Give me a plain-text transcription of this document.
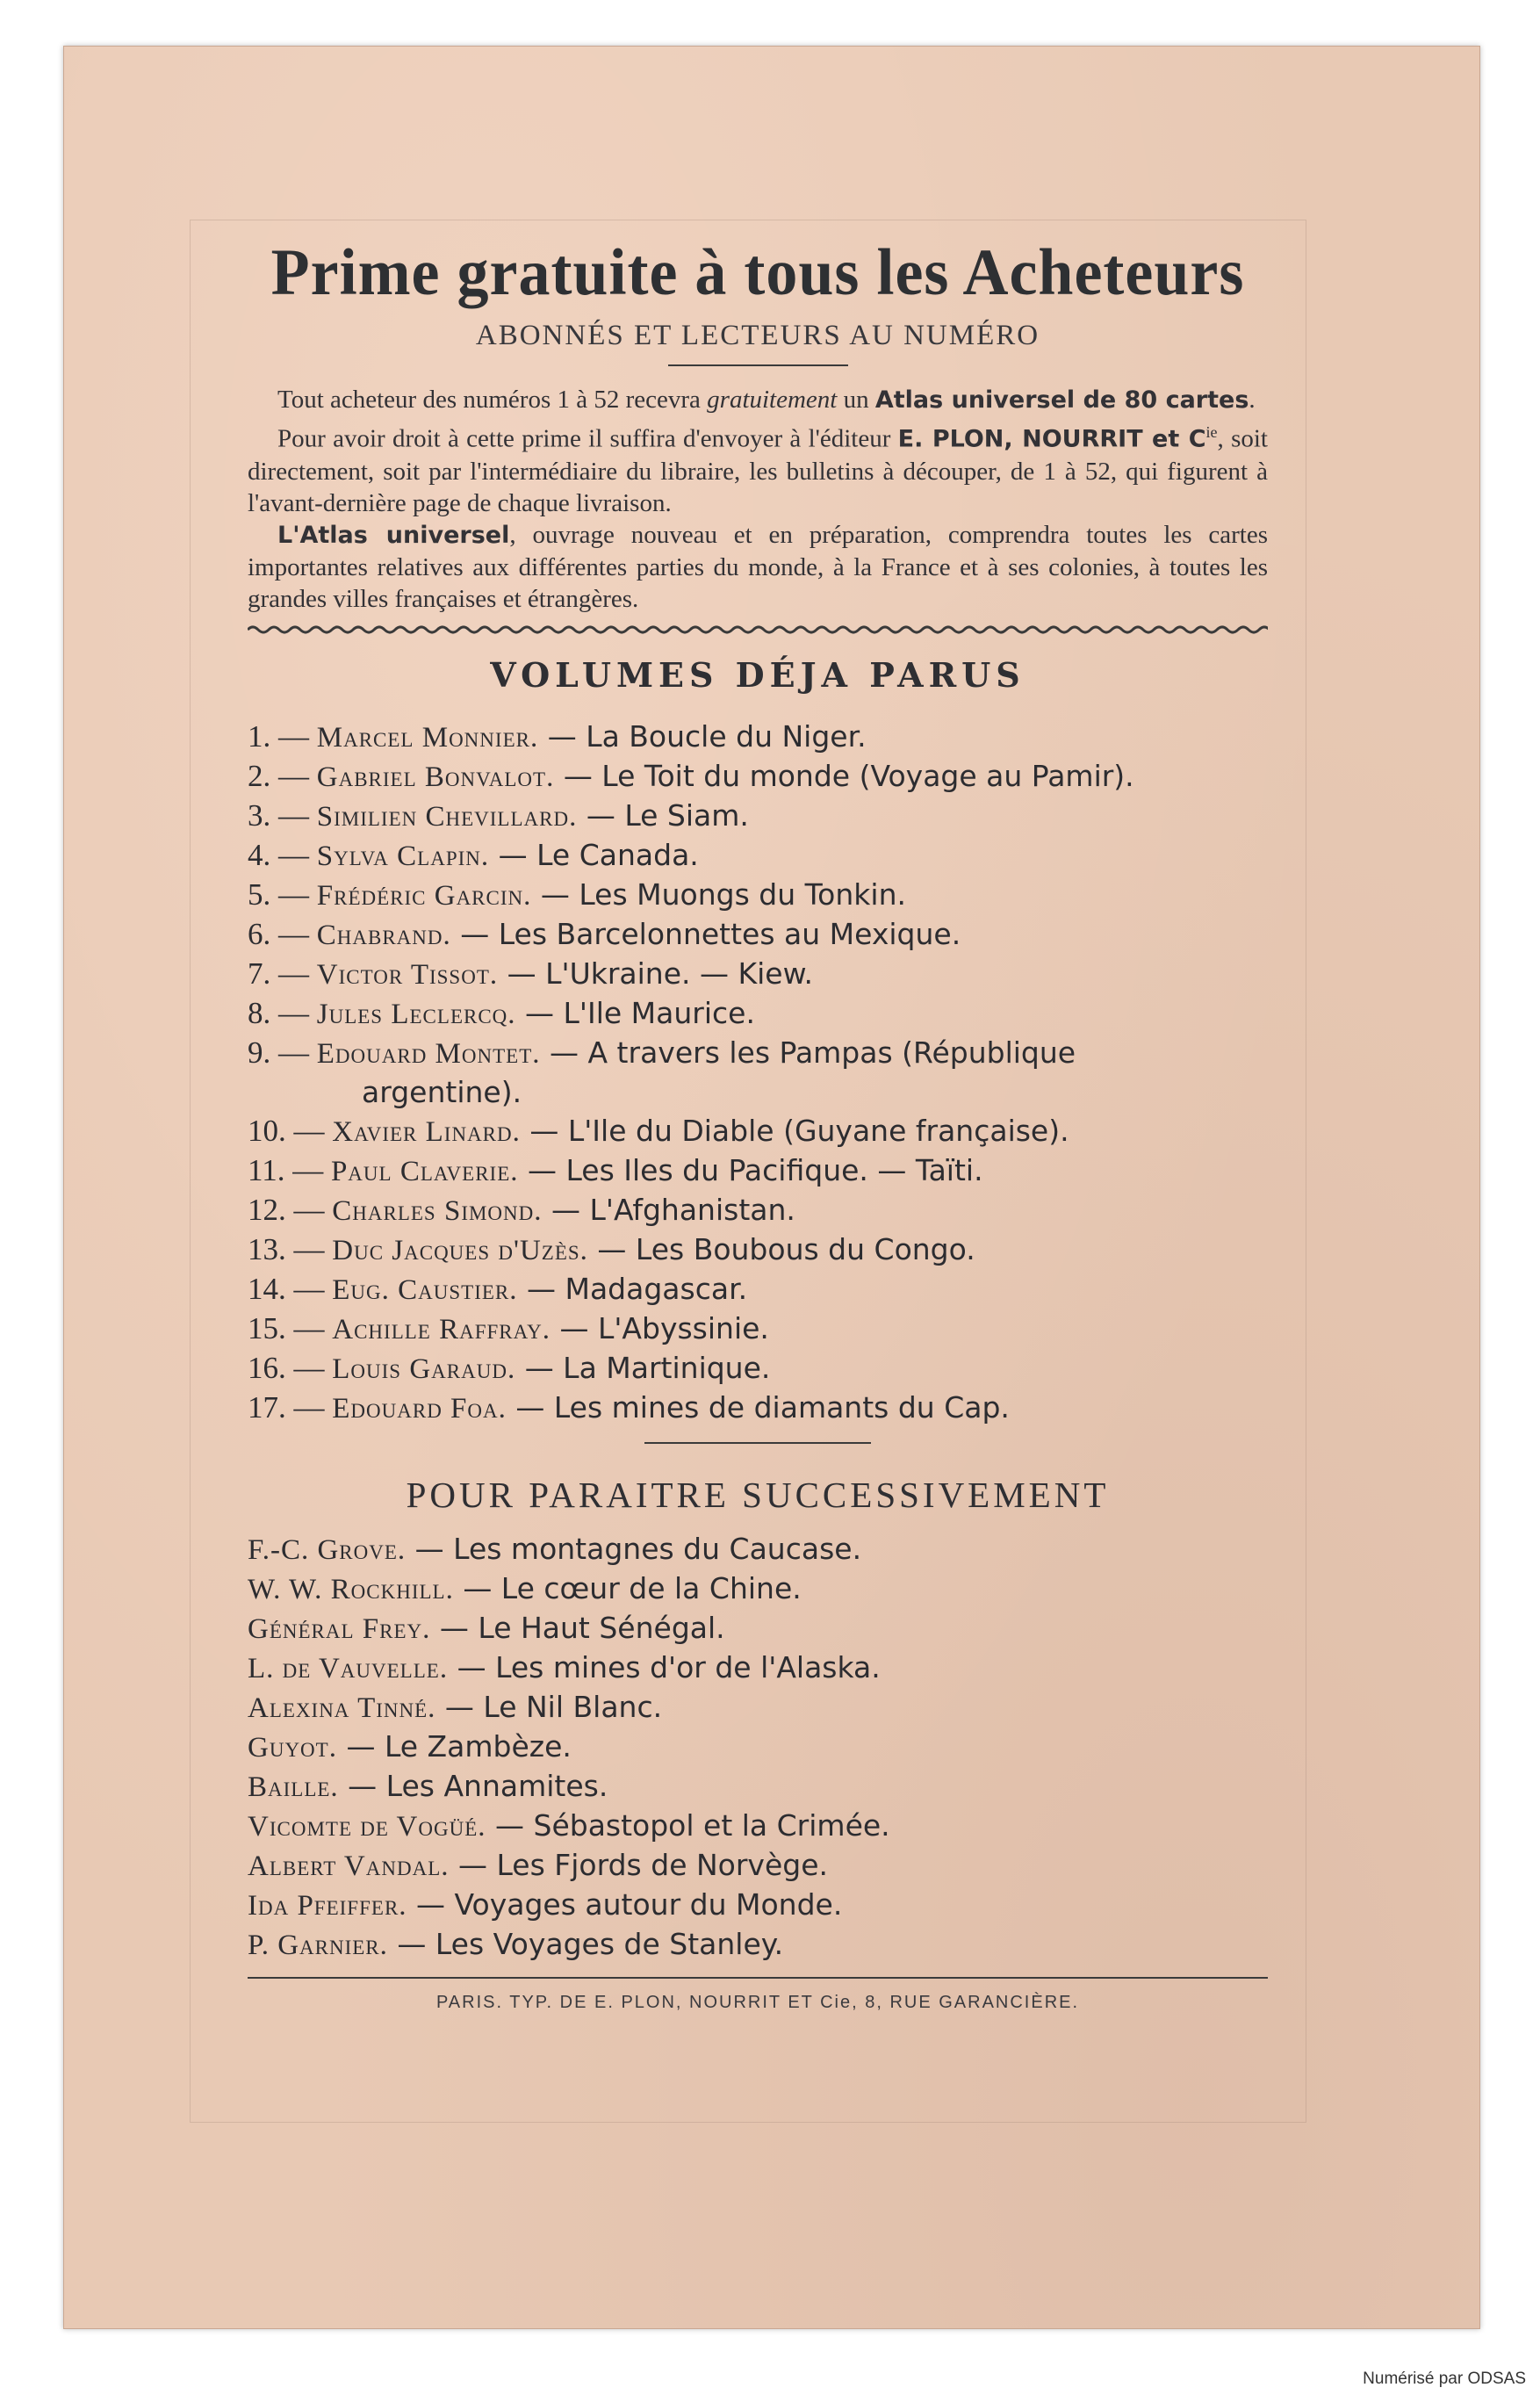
Prime gratuite à tous les Acheteurs
ABONNÉS ET LECTEURS AU NUMÉRO

Tout acheteur des numéros 1 à 52 recevra gratuitement un Atlas universel de 80 cartes.

Pour avoir droit à cette prime il suffira d'envoyer à l'éditeur E. PLON, NOURRIT et $C^{ie}$, soit directement, soit par l'intermédiaire du libraire, les bulletins à découper, de 1 à 52, qui figurent à l'avant-dernière page de chaque livraison.

L'Atlas universel, ouvrage nouveau et en préparation, comprendra toutes les cartes importantes relatives aux différentes parties du monde, à la France et à ses colonies, à toutes les grandes villes françaises et étrangères.

VOLUMES DÉJA PARUS
1. — Marcel Monnier. — La Boucle du Niger.
2. — Gabriel Bonvalot. — Le Toit du monde (Voyage au Pamir).
3. — Similien Chevillard. — Le Siam.
4. — Sylva Clapin. — Le Canada.
5. — Frédéric Garcin. — Les Muongs du Tonkin.
6. — Chabrand. — Les Barcelonnettes au Mexique.
7. — Victor Tissot. — L'Ukraine. — Kiew.
8. — Jules Leclercq. — L'Ile Maurice.
9. — Edouard Montet. — A travers les Pampas (République
argentine).
10. — Xavier Linard. — L'Ile du Diable (Guyane française).
11. — Paul Claverie. — Les Iles du Pacifique. — Taïti.
12. — Charles Simond. — L'Afghanistan.
13. — Duc Jacques d'Uzès. — Les Boubous du Congo.
14. — Eug. Caustier. — Madagascar.
15. — Achille Raffray. — L'Abyssinie.
16. — Louis Garaud. — La Martinique.
17. — Edouard Foa. — Les mines de diamants du Cap.
POUR PARAITRE SUCCESSIVEMENT
F.-C. Grove. — Les montagnes du Caucase.
W. W. Rockhill. — Le cœur de la Chine.
Général Frey. — Le Haut Sénégal.
L. de Vauvelle. — Les mines d'or de l'Alaska.
Alexina Tinné. — Le Nil Blanc.
Guyot. — Le Zambèze.
Baille. — Les Annamites.
Vicomte de Vogüé. — Sébastopol et la Crimée.
Albert Vandal. — Les Fjords de Norvège.
Ida Pfeiffer. — Voyages autour du Monde.
P. Garnier. — Les Voyages de Stanley.
PARIS. TYP. DE E. PLON, NOURRIT ET Cie, 8, RUE GARANCIÈRE.
Numérisé par ODSAS
